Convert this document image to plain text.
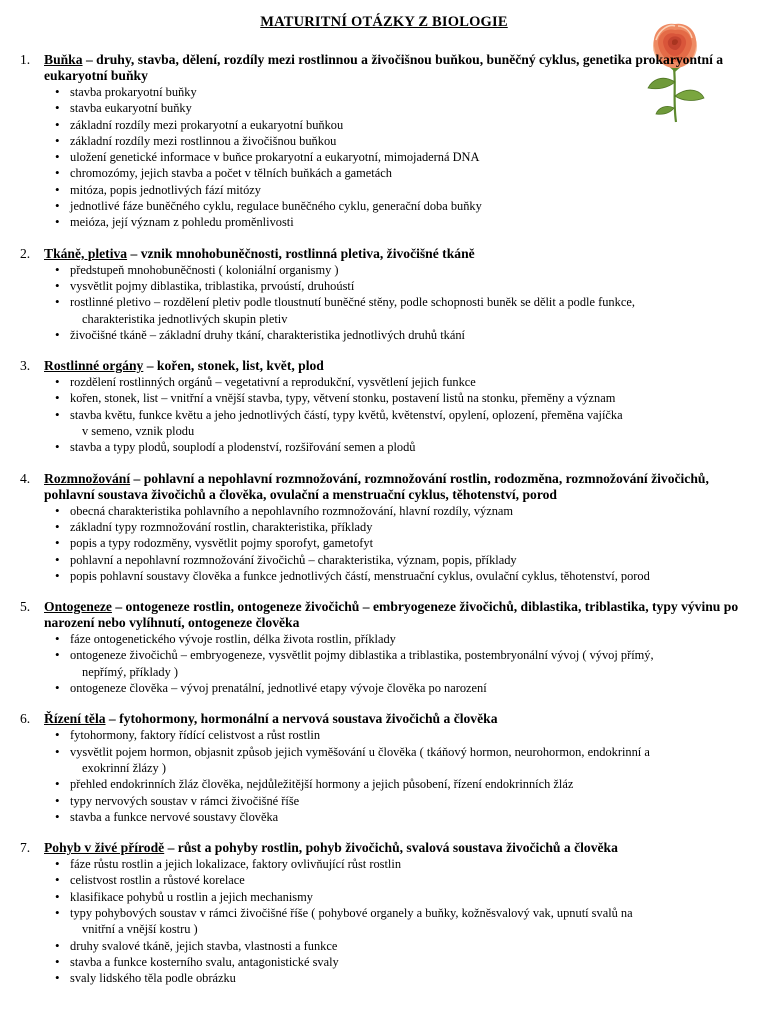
MATURITNÍ OTÁZKY Z BIOLOGIE
1. Buňka – druhy, stavba, dělení, rozdíly mezi rostlinnou a živočišnou buňkou, buněčný cyklus, genetika prokaryontní a eukaryotní buňky
• stavba prokaryotní buňky
• stavba eukaryotní buňky
• základní rozdíly mezi prokaryotní a eukaryotní buňkou
• základní rozdíly mezi rostlinnou a živočišnou buňkou
• uložení genetické informace v buňce prokaryotní a eukaryotní, mimojaderná DNA
• chromozómy, jejich stavba a počet v tělních buňkách a gametách
• mitóza, popis jednotlivých fází mitózy
• jednotlivé fáze buněčného cyklu, regulace buněčného cyklu, generační doba buňky
• meióza, její význam z pohledu proměnlivosti
2. Tkáně, pletiva – vznik mnohobuněčnosti, rostlinná pletiva, živočišné tkáně
• předstupeň mnohobuněčnosti ( koloniální organismy )
• vysvětlit pojmy diblastika, triblastika, prvoústí, druhoústí
• rostlinné pletivo – rozdělení pletiv podle tloustnutí buněčné stěny, podle schopnosti buněk se dělit a podle funkce,
charakteristika jednotlivých skupin pletiv
• živočišné tkáně – základní druhy tkání, charakteristika jednotlivých druhů tkání
3. Rostlinné orgány – kořen, stonek, list, květ, plod
• rozdělení rostlinných orgánů – vegetativní a reprodukční, vysvětlení jejich funkce
• kořen, stonek, list – vnitřní a vnější stavba, typy, větvení stonku, postavení listů na stonku, přeměny a význam
• stavba květu, funkce květu a jeho jednotlivých částí, typy květů, květenství, opylení, oplození, přeměna vajíčka
v semeno, vznik plodu
• stavba a typy plodů, souplodí a plodenství, rozšiřování semen a plodů
4. Rozmnožování – pohlavní a nepohlavní rozmnožování, rozmnožování rostlin, rodozměna, rozmnožování živočichů, pohlavní soustava živočichů a člověka, ovulační a menstruační cyklus, těhotenství, porod
• obecná charakteristika pohlavního a nepohlavního rozmnožování, hlavní rozdíly, význam
• základní typy rozmnožování rostlin, charakteristika, příklady
• popis a typy rodozměny, vysvětlit pojmy sporofyt, gametofyt
• pohlavní a nepohlavní rozmnožování živočichů – charakteristika, význam, popis, příklady
• popis pohlavní soustavy člověka a funkce jednotlivých částí, menstruační cyklus, ovulační cyklus, těhotenství, porod
5. Ontogeneze – ontogeneze rostlin, ontogeneze živočichů – embryogeneze živočichů, diblastika, triblastika, typy vývinu po narození nebo vylíhnutí, ontogeneze člověka
• fáze ontogenetického vývoje rostlin, délka života rostlin, příklady
• ontogeneze živočichů – embryogeneze, vysvětlit pojmy diblastika a triblastika, postembryonální vývoj ( vývoj přímý,
nepřímý, příklady )
• ontogeneze člověka – vývoj prenatální, jednotlivé etapy vývoje člověka po narození
6. Řízení těla – fytohormony, hormonální a nervová soustava živočichů a člověka
• fytohormony, faktory řídící celistvost a růst rostlin
• vysvětlit pojem hormon, objasnit způsob jejich vyměšování u člověka ( tkáňový hormon, neurohormon, endokrinní a
exokrinní žlázy )
• přehled endokrinních žláz člověka, nejdůležitější hormony a jejich působení, řízení endokrinních žláz
• typy nervových soustav v rámci živočišné říše
• stavba a funkce nervové soustavy člověka
7. Pohyb v živé přírodě – růst a pohyby rostlin, pohyb živočichů, svalová soustava živočichů a člověka
• fáze růstu rostlin a jejich lokalizace, faktory ovlivňující růst rostlin
• celistvost rostlin a růstové korelace
• klasifikace pohybů u rostlin a jejich mechanismy
• typy pohybových soustav v rámci živočišné říše ( pohybové organely a buňky, kožněsvalový vak, upnutí svalů na
vnitřní a vnější kostru )
• druhy svalové tkáně, jejich stavba, vlastnosti a funkce
• stavba a funkce kosterního svalu, antagonistické svaly
• svaly lidského těla podle obrázku
